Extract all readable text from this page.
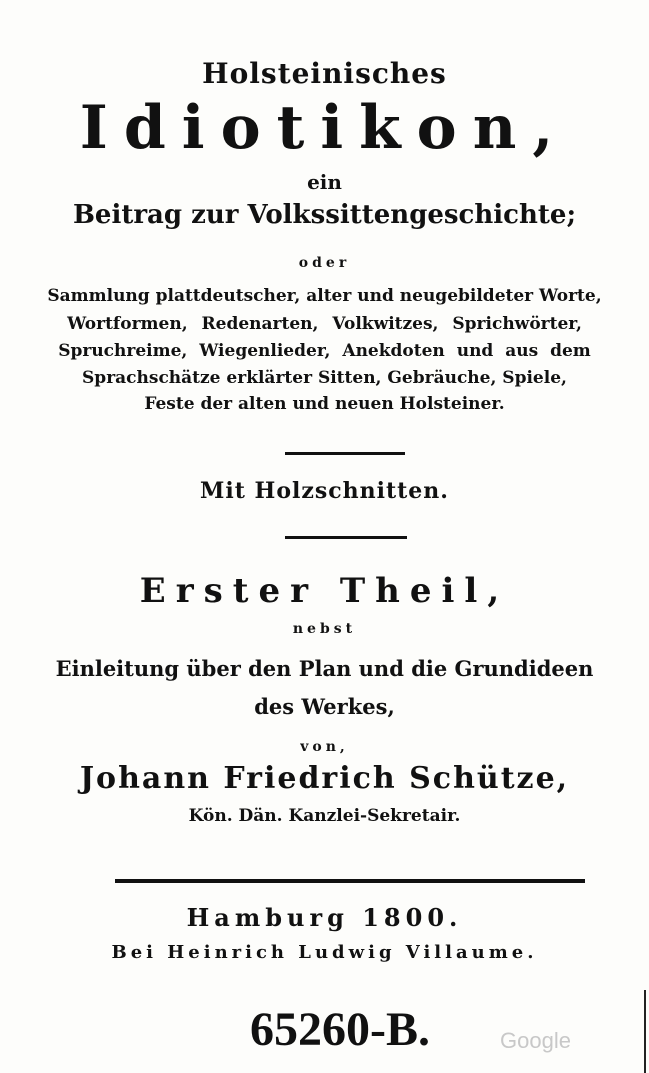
Holsteinisches
Idiotikon,
ein
Beitrag zur Volkssittengeschichte;
oder
Sammlung plattdeutscher, alter und neugebildeter Worte,
Wortformen, Redenarten, Volkwitzes, Sprichwörter,
Spruchreime, Wiegenlieder, Anekdoten und aus dem
Sprachschätze erklärter Sitten, Gebräuche, Spiele,
Feste der alten und neuen Holsteiner.
Mit Holzschnitten.
Erster Theil,
nebst
Einleitung über den Plan und die Grundideen
des Werkes,
von,
Johann Friedrich Schütze,
Kön. Dän. Kanzlei-Sekretair.
Hamburg 1800.
Bei Heinrich Ludwig Villaume.
65260-B.	Google
